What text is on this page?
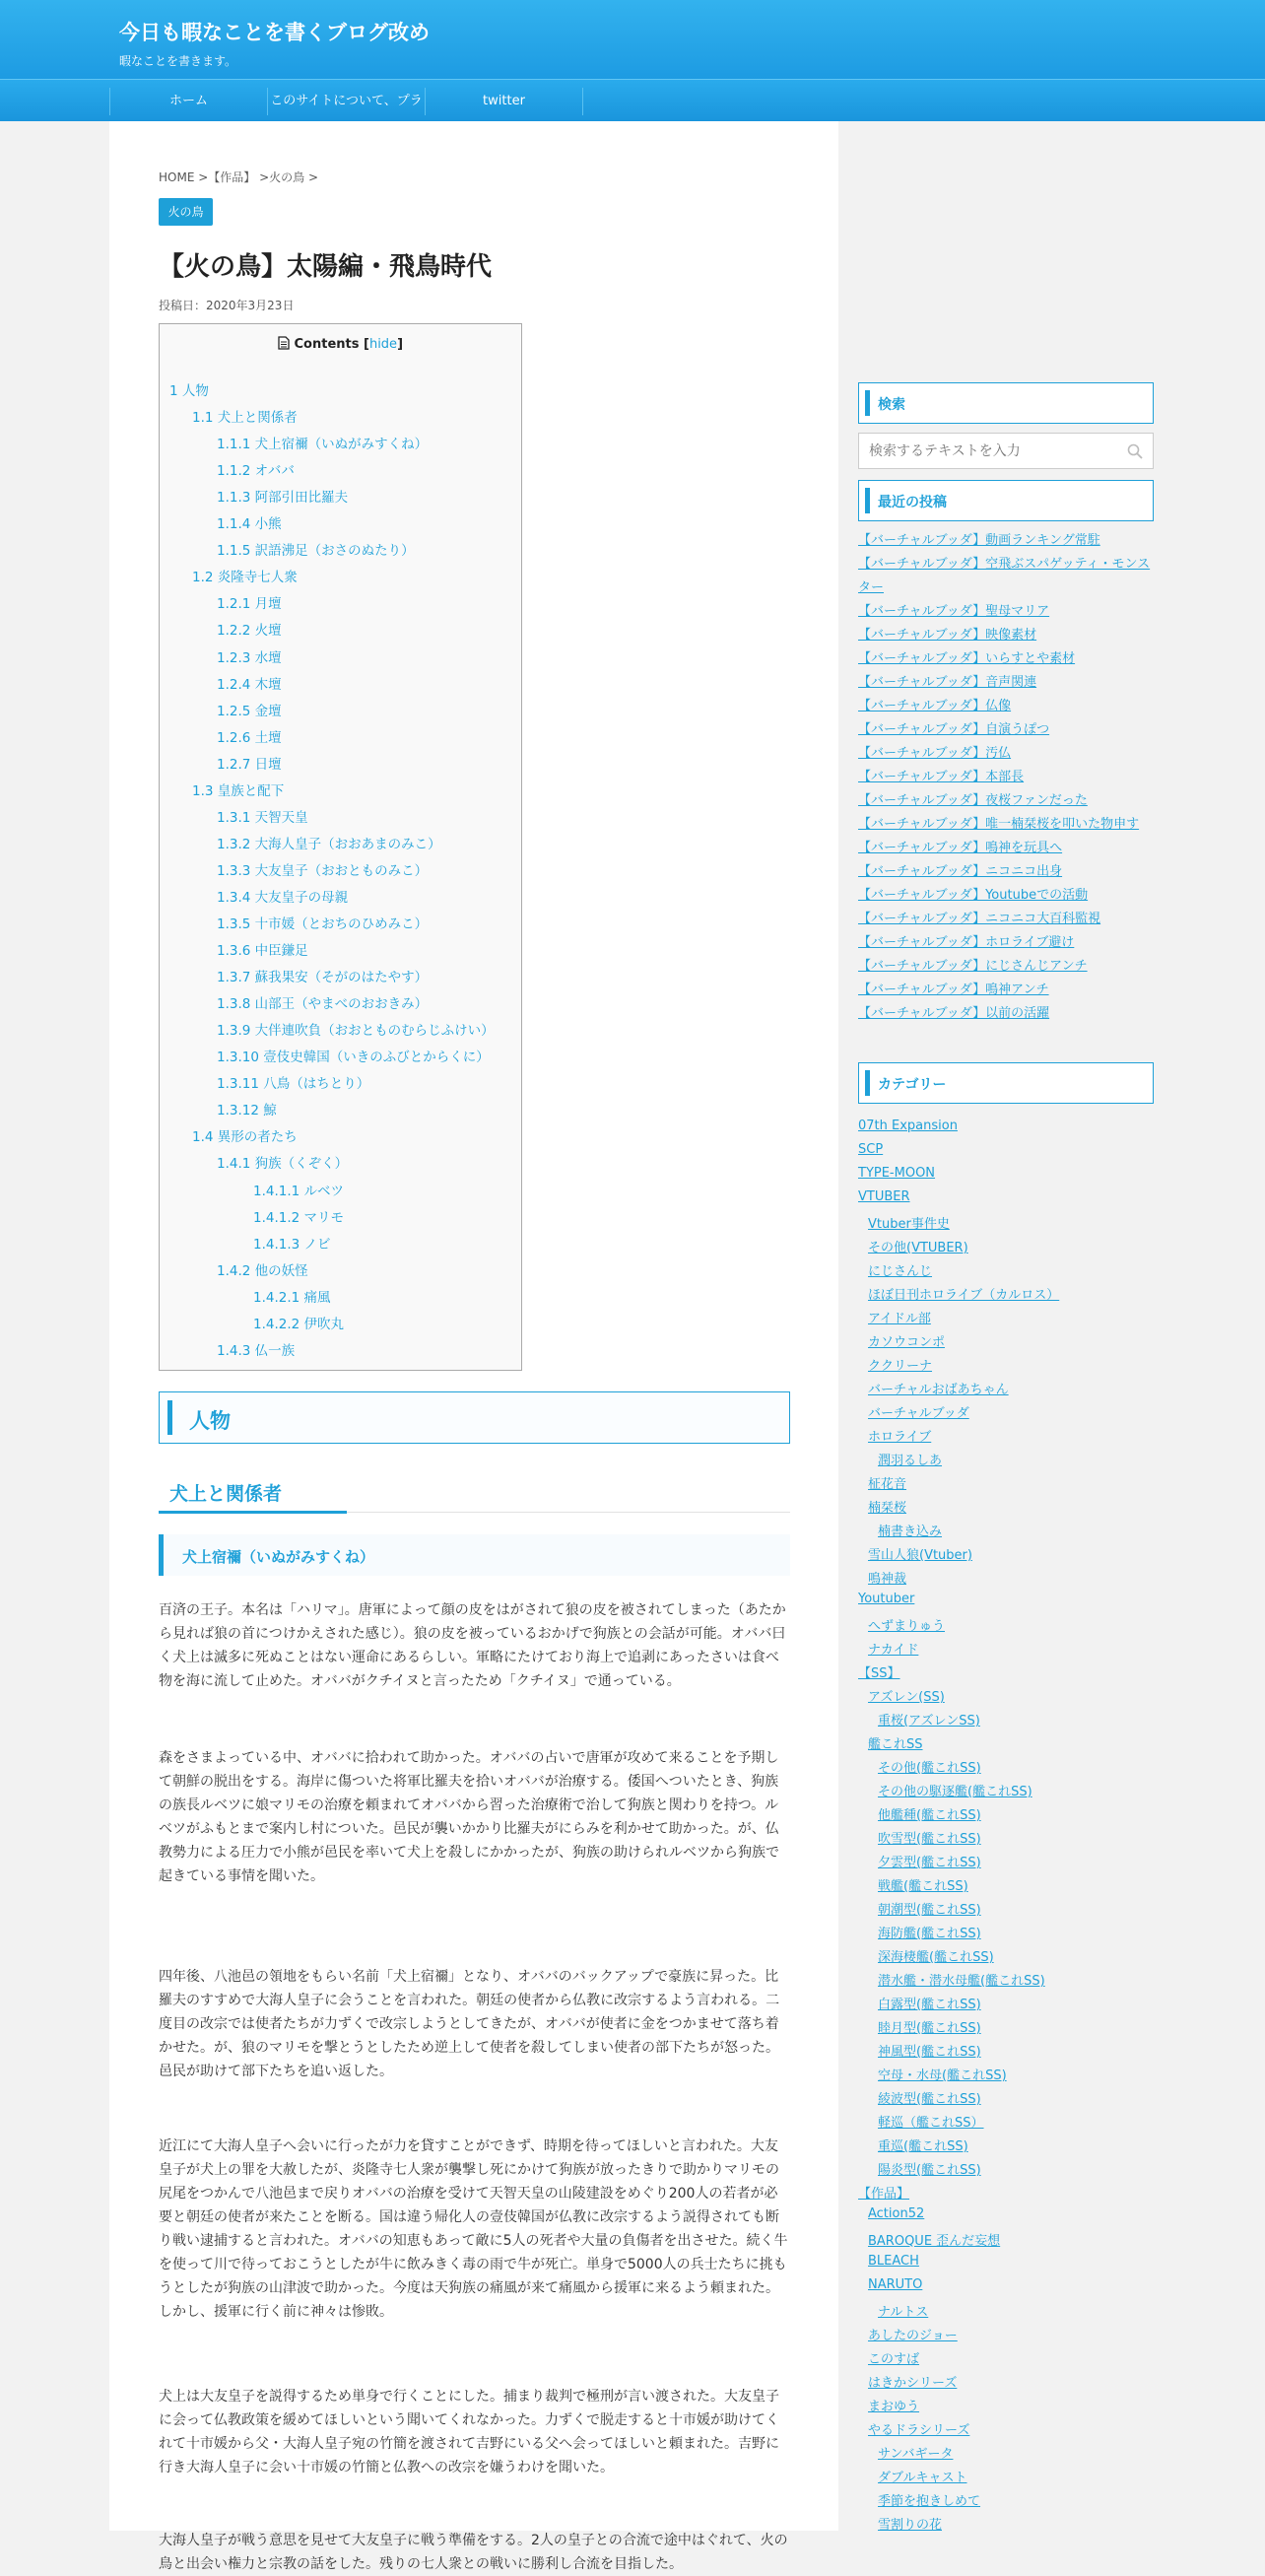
今日も暇なことを書くブログ改め
暇なことを書きます。
ホーム	このサイトについて、プラ	twitter
HOME >【作品】 >火の鳥 >
火の鳥
【火の鳥】太陽編・飛鳥時代
投稿日：2020年3月23日
Contents [hide]
1 人物
1.1 犬上と関係者
1.1.1 犬上宿禰（いぬがみすくね）
1.1.2 オババ
1.1.3 阿部引田比羅夫
1.1.4 小熊
1.1.5 訳語沸足（おさのぬたり）
1.2 炎隆寺七人衆
1.2.1 月壇
1.2.2 火壇
1.2.3 水壇
1.2.4 木壇
1.2.5 金壇
1.2.6 土壇
1.2.7 日壇
1.3 皇族と配下
1.3.1 天智天皇
1.3.2 大海人皇子（おおあまのみこ）
1.3.3 大友皇子（おおとものみこ）
1.3.4 大友皇子の母親
1.3.5 十市媛（とおちのひめみこ）
1.3.6 中臣鎌足
1.3.7 蘇我果安（そがのはたやす）
1.3.8 山部王（やまべのおおきみ）
1.3.9 大伴連吹負（おおとものむらじふけい）
1.3.10 壹伎史韓国（いきのふびとからくに）
1.3.11 八鳥（はちとり）
1.3.12 鯨
1.4 異形の者たち
1.4.1 狗族（くぞく）
1.4.1.1 ルベツ
1.4.1.2 マリモ
1.4.1.3 ノビ
1.4.2 他の妖怪
1.4.2.1 痛風
1.4.2.2 伊吹丸
1.4.3 仏一族
人物
犬上と関係者
犬上宿禰（いぬがみすくね）

百済の王子。本名は「ハリマ」。唐軍によって顔の皮をはがされて狼の皮を被されてしまった（あたから見れば狼の首につけかえされた感じ）。狼の皮を被っているおかげで狗族との会話が可能。オババ曰く犬上は滅多に死ぬことはない運命にあるらしい。軍略にたけており海上で追剥にあったさいは食べ物を海に流して止めた。オババがクチイヌと言ったため「クチイヌ」で通っている。

森をさまよっている中、オババに拾われて助かった。オババの占いで唐軍が攻めて来ることを予期して朝鮮の脱出をする。海岸に傷ついた将軍比羅夫を拾いオババが治療する。倭国へついたとき、狗族の族長ルベツに娘マリモの治療を頼まれてオババから習った治療術で治して狗族と関わりを持つ。ルベツがふもとまで案内し村についた。邑民が襲いかかり比羅夫がにらみを利かせて助かった。が、仏教勢力による圧力で小熊が邑民を率いて犬上を殺しにかかったが、狗族の助けられルベツから狗族で起きている事情を聞いた。

四年後、八池邑の領地をもらい名前「犬上宿禰」となり、オババのバックアップで豪族に昇った。比羅夫のすすめで大海人皇子に会うことを言われた。朝廷の使者から仏教に改宗するよう言われる。二度目の改宗では使者たちが力ずくで改宗しようとしてきたが、オババが使者に金をつかませて落ち着かせた。が、狼のマリモを撃とうとしたため逆上して使者を殺してしまい使者の部下たちが怒った。邑民が助けて部下たちを追い返した。

近江にて大海人皇子へ会いに行ったが力を貸すことができず、時期を待ってほしいと言われた。大友皇子が犬上の罪を大赦したが、炎隆寺七人衆が襲撃し死にかけて狗族が放ったきりで助かりマリモの尻尾をつかんで八池邑まで戻りオババの治療を受けて天智天皇の山陵建設をめぐり200人の若者が必要と朝廷の使者が来たことを断る。国は違う帰化人の壹伎韓国が仏教に改宗するよう説得されても断り戦い逮捕すると言われた。オババの知恵もあって敵に5人の死者や大量の負傷者を出させた。続く牛を使って川で待っておこうとしたが牛に飲みきく毒の雨で牛が死亡。単身で5000人の兵士たちに挑もうとしたが狗族の山津波で助かった。今度は天狗族の痛風が来て痛風から援軍に来るよう頼まれた。しかし、援軍に行く前に神々は惨敗。

犬上は大友皇子を説得するため単身で行くことにした。捕まり裁判で極刑が言い渡された。大友皇子に会って仏教政策を緩めてほしいという聞いてくれなかった。力ずくで脱走すると十市媛が助けてくれて十市媛から父・大海人皇子宛の竹簡を渡されて吉野にいる父へ会ってほしいと頼まれた。吉野に行き大海人皇子に会い十市媛の竹簡と仏教への改宗を嫌うわけを聞いた。

大海人皇子が戦う意思を見せて大友皇子に戦う準備をする。2人の皇子との合流で途中はぐれて、火の鳥と出会い権力と宗教の話をした。残りの七人衆との戦いに勝利し合流を目指した。

検索
検索するテキストを入力
最近の投稿
【バーチャルブッダ】動画ランキング常駐
【バーチャルブッダ】空飛ぶスパゲッティ・モンスター
【バーチャルブッダ】聖母マリア
【バーチャルブッダ】映像素材
【バーチャルブッダ】いらすとや素材
【バーチャルブッダ】音声関連
【バーチャルブッダ】仏像
【バーチャルブッダ】自演うぽつ
【バーチャルブッダ】汚仏
【バーチャルブッダ】本部長
【バーチャルブッダ】夜桜ファンだった
【バーチャルブッダ】唯一楠栞桜を叩いた物申す
【バーチャルブッダ】鳴神を玩具へ
【バーチャルブッダ】ニコニコ出身
【バーチャルブッダ】Youtubeでの活動
【バーチャルブッダ】ニコニコ大百科監視
【バーチャルブッダ】ホロライブ避け
【バーチャルブッダ】にじさんじアンチ
【バーチャルブッダ】鳴神アンチ
【バーチャルブッダ】以前の活躍
カテゴリー
07th Expansion
SCP
TYPE-MOON
VTUBER
Vtuber事件史
その他(VTUBER)
にじさんじ
ほぼ日刊ホロライブ（カルロス）
アイドル部
カソウコンポ
ククリーナ
バーチャルおばあちゃん
バーチャルブッダ
ホロライブ
潤羽るしあ
柾花音
楠栞桜
楠書き込み
雪山人狼(Vtuber)
鳴神裁
Youtuber
へずまりゅう
ナカイド
【SS】
アズレン(SS)
重桜(アズレンSS)
艦これSS
その他(艦これSS)
その他の駆逐艦(艦これSS)
他艦種(艦これSS)
吹雪型(艦これSS)
夕雲型(艦これSS)
戦艦(艦これSS)
朝潮型(艦これSS)
海防艦(艦これSS)
深海棲艦(艦これSS)
潜水艦・潜水母艦(艦これSS)
白露型(艦これSS)
睦月型(艦これSS)
神風型(艦これSS)
空母・水母(艦これSS)
綾波型(艦これSS)
軽巡（艦これSS）
重巡(艦これSS)
陽炎型(艦これSS)
【作品】
Action52
BAROQUE 歪んだ妄想
BLEACH
NARUTO
ナルトス
あしたのジョー
このすば
はきかシリーズ
まおゆう
やるドラシリーズ
サンバギータ
ダブルキャスト
季節を抱きしめて
雪割りの花
